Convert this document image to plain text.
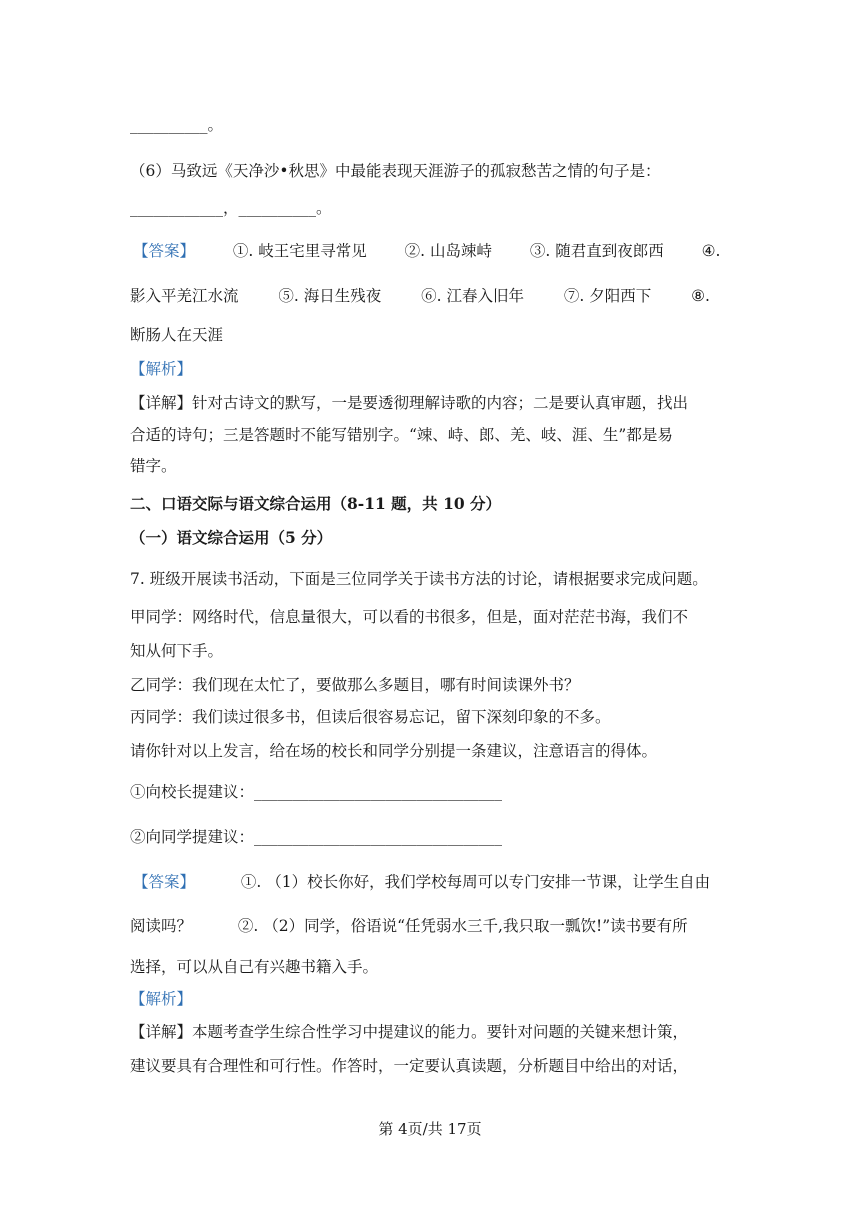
__________。
（6）马致远《天净沙•秋思》中最能表现天涯游子的孤寂愁苦之情的句子是：
____________，__________。
【答案】 ①. 岐王宅里寻常见 ②. 山岛竦峙 ③. 随君直到夜郎西 ④.
影入平羌江水流	⑤. 海日生残夜	⑥. 江春入旧年	⑦. 夕阳西下	⑧.
断肠人在天涯
【解析】
【详解】针对古诗文的默写，一是要透彻理解诗歌的内容；二是要认真审题，找出
合适的诗句；三是答题时不能写错别字。“竦、峙、郎、羌、岐、涯、生”都是易
错字。
二、口语交际与语文综合运用（8-11 题，共 10 分）
（一）语文综合运用（5 分）
7. 班级开展读书活动，下面是三位同学关于读书方法的讨论，请根据要求完成问题。
甲同学：网络时代，信息量很大，可以看的书很多，但是，面对茫茫书海，我们不
知从何下手。
乙同学：我们现在太忙了，要做那么多题目，哪有时间读课外书？
丙同学：我们读过很多书，但读后很容易忘记，留下深刻印象的不多。
请你针对以上发言，给在场的校长和同学分别提一条建议，注意语言的得体。
①向校长提建议：________________________________
②向同学提建议：________________________________
【答案】	①. （1）校长你好，我们学校每周可以专门安排一节课，让学生自由
阅读吗？	②. （2）同学，俗语说“任凭弱水三千,我只取一瓢饮!”读书要有所
选择，可以从自己有兴趣书籍入手。
【解析】
【详解】本题考查学生综合性学习中提建议的能力。要针对问题的关键来想计策，
建议要具有合理性和可行性。作答时，一定要认真读题，分析题目中给出的对话，
第 4页/共 17页
